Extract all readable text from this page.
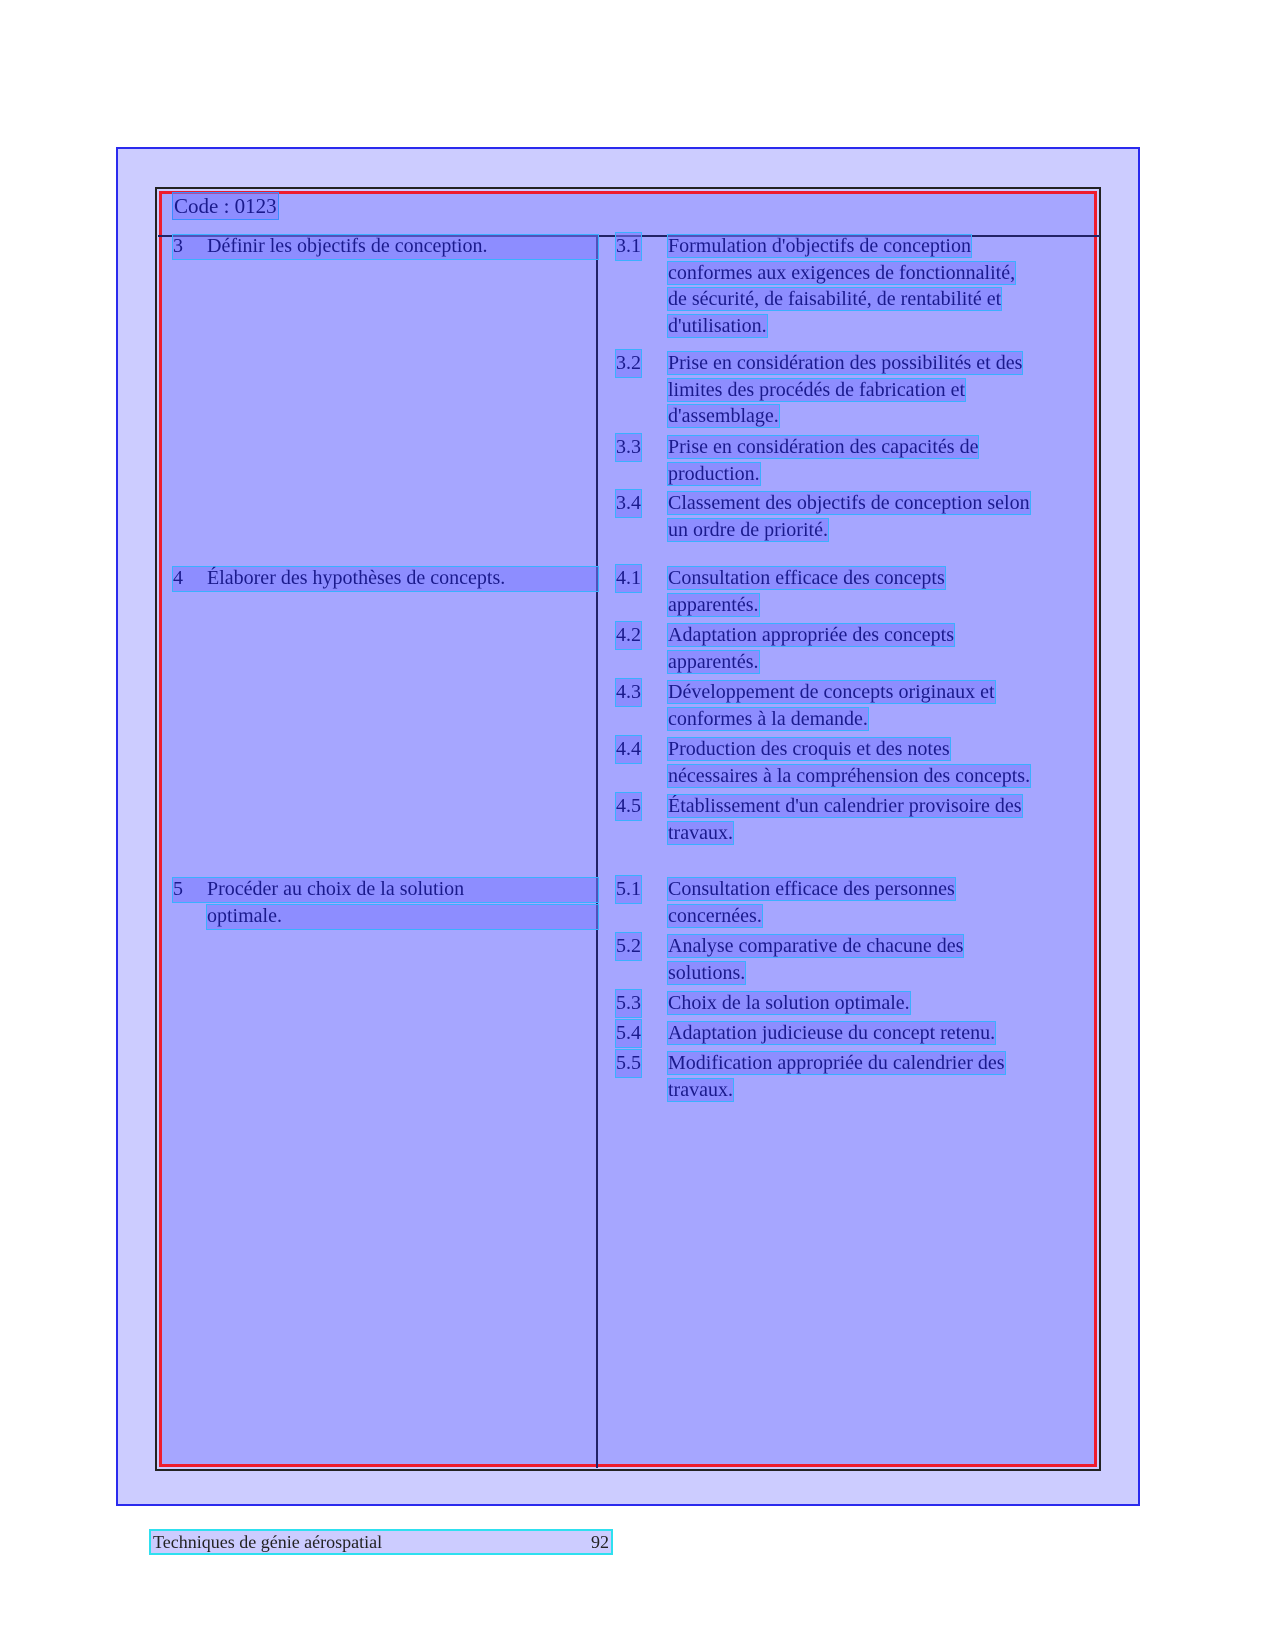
Code : 0123
3	Définir les objectifs de conception.	3.1 Formulation d'objectifs de conception
conformes aux exigences de fonctionnalité,
de sécurité, de faisabilité, de rentabilité et
d'utilisation.
3.2 Prise en considération des possibilités et des
limites des procédés de fabrication et
d'assemblage.
3.3 Prise en considération des capacités de
production.
3.4 Classement des objectifs de conception selon
un ordre de priorité.
4	Élaborer des hypothèses de concepts.	4.1 Consultation efficace des concepts
apparentés.
4.2 Adaptation appropriée des concepts
apparentés.
4.3 Développement de concepts originaux et
conformes à la demande.
4.4 Production des croquis et des notes
nécessaires à la compréhension des concepts.
4.5 Établissement d'un calendrier provisoire des
travaux.
5	Procéder au choix de la solution
optimale.
5.1 Consultation efficace des personnes
concernées.
5.2 Analyse comparative de chacune des
solutions.
5.3 Choix de la solution optimale.
5.4 Adaptation judicieuse du concept retenu.
5.5 Modification appropriée du calendrier des
travaux.
Techniques de génie aérospatial	92
